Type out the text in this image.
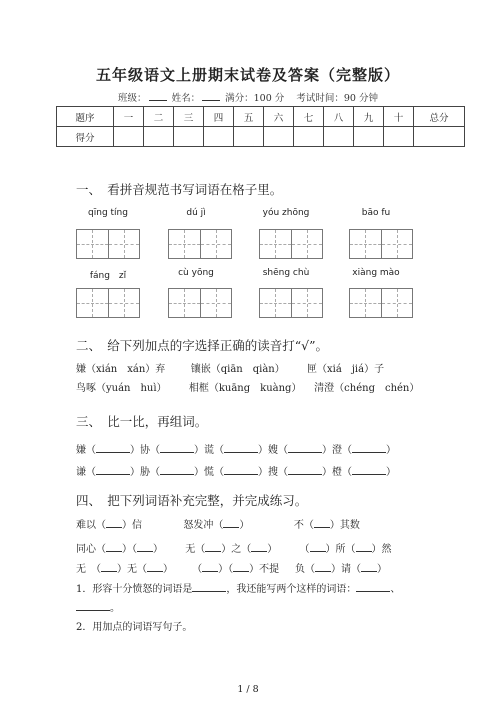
五年级语文上册期末试卷及答案（完整版）
班级：	姓名：	满分：100 分 考试时间：90 分钟
题序	一	二	三	四	五	六	七	八	九	十	总分
得分											
一、　看拼音规范书写词语在格子里。
qīng tíng	dú jì	yóu zhōng	bāo fu
fáng　zǐ	cù yōng	shēng chù	xiàng mào
二、　给下列加点的字选择正确的读音打“√”。
嫌（xián　xán）弃	镶嵌（qiān　qiàn） 匣（xiá　jiá）子
鸟啄（yuán　huì） 相框（kuāng　kuàng） 清澄（chéng　chén）
三、　比一比，再组词。
嫌（	）协（	）谎（	）嫂（	）澄（	）
谦（	）胁（	）慌（	）搜（	）橙（	）
四、　把下列词语补充完整，并完成练习。
难以（ ）信	怒发冲（ ）	不（ ）其数
同心（ ）（ ） 无（ ）之（ ） （ ）所（ ）然
无　（ ）无（ ） （ ）（ ）不提 负（ ）请（ ）
1．形容十分愤怒的词语是	，我还能写两个这样的词语：	、
。
2．用加点的词语写句子。
1 / 8
